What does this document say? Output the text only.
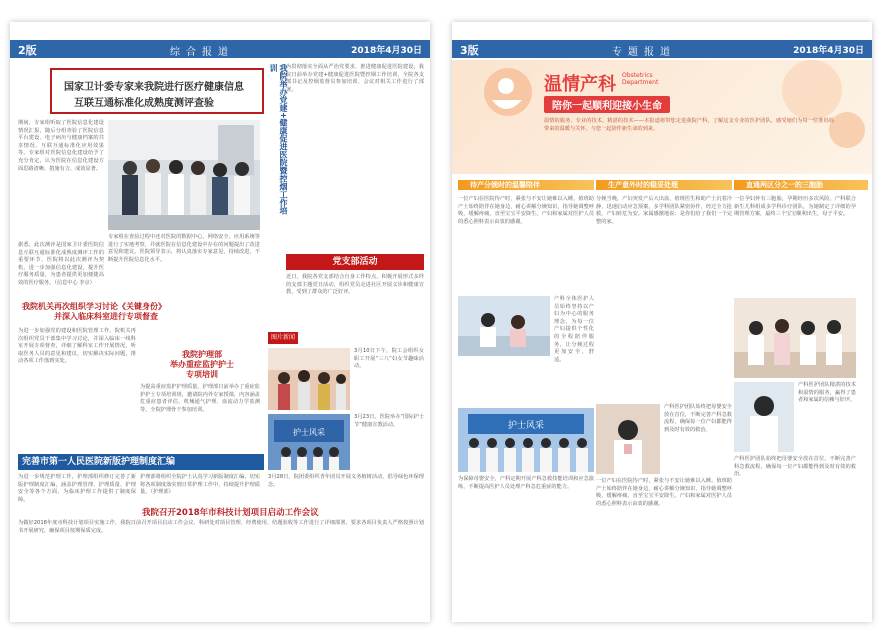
2版	综合报道	2018年4月30日
国家卫计委专家来我院进行医疗健康信息
互联互通标准化成熟度测评查验
期间，专家组听取了医院信息化建设情况汇报，随后分组查验了医院信息平台建设、电子病历与健康档案的共享情况、互联互通标准化应用效果等。专家组对医院信息化建设给予了充分肯定，认为医院在信息化建设方面思路清晰、措施有力、成效显著。
据悉，此次测评是国家卫计委医院信息互联互通标准化成熟度测评工作的重要环节，医院将以此次测评为契机，进一步加强信息化建设，提升医疗服务质量，为患者提供更加便捷高效的医疗服务。（信息中心 李京）
专家组在查验过程中还对医院的数据中心、网络安全、应用系统等进行了实地考察，并就医院在信息化建设中存在的问题提出了改进意见和建议。医院领导表示，将认真落实专家意见，持续改进，不断提升医院信息化水平。
我院举办党建+健康促进医院暨控烟工作培训	为贯彻落实全面从严治党要求，推进健康促进医院建设，我院日前举办党建+健康促进医院暨控烟工作培训，全院各支部书记及控烟监督员参加培训，会议对相关工作进行了部署。
我院机关再次组织学习讨论《关键身份》
并深入临床科室进行专项督查
为进一步加强党的建设和医院管理工作，院机关再次组织党员干部集中学习讨论，并深入临床一线科室开展专项督查，详细了解科室工作开展情况，听取医务人员的意见和建议，切实解决实际问题，推动各项工作落到实处。
我院护理部
举办重症监护护士
专项培训
为提高重症监护护理质量，护理部日前举办了重症监护护士专项培训班，邀请院内外专家授课，内容涵盖危重症患者评估、机械通气护理、血流动力学监测等，全院护理骨干参加培训。
党支部活动
近日，我院各党支部结合自身工作特点，积极开展形式多样的支部主题党日活动，组织党员走进社区开展义诊和健康宣教，受到了群众的广泛好评。
图片新闻
3月10日下午，院工会组织女职工开展“三八”妇女节趣味活动。
护士风采
3月23日，医院举办“国际护士节”健康宣教活动。
3月28日，院团委组织青年团员开展义务植树活动，倡导绿色环保理念。
完善市第一人民医院新版护理制度汇编
为进一步规范护理工作，护理部组织修订完善了新版护理制度汇编，涵盖护理管理、护理质量、护理安全等各个方面，为临床护理工作提供了制度保障。
护理部将组织全院护士认真学习新版制度汇编，切实将各项制度落实到日常护理工作中，持续提升护理质量。（护理部）
我院召开2018年市科技计划项目启动工作会议
为做好2018年度市科技计划项目实施工作，我院日前召开项目启动工作会议，科研处对项目管理、经费使用、结题验收等工作进行了详细部署，要求各项目负责人严格按照计划书开展研究，确保项目按期保质完成。
3版	专题报道	2018年4月30日
温情产科 Obstetrics
Department
陪你一起顺利迎接小生命
温情的服务、专业的技术、精湛的技术——本报道将带您走进我院产科，了解这支专业的医护团队，感受她们为每一位准妈妈带来的温暖与关怀，与您一起陪伴新生命的到来。
待产分娩时的温馨陪伴	生产意外时的稳妥处理	直通两区分之一的三胞胎
一位产妇在医院待产时，紧张与不安让她难以入睡。值班助产士始终陪伴在她身边，耐心讲解分娩知识，指导她调整呼吸，缓解疼痛，直至宝宝平安降生。产妇和家属对医护人员的悉心照料表示由衷的感谢。
产科全体医护人员始终坚持以产妇为中心的服务理念，为每一位产妇提供个性化的全程陪伴服务，让分娩过程更加安全、舒适。
护士风采
为保障母婴安全，产科定期开展产科急救技能培训和应急演练，不断提高医护人员处理产科急危重症的能力。
分娩当晚，产妇突发产后大出血，值班医生和助产士沉着冷静，迅速启动应急预案，多学科团队紧密协作，经过全力抢救，产妇转危为安。家属感激地说：是你们给了我们一个完整的家。
产科医护团队始终把母婴安全放在首位，不断完善产科急救流程，确保每一位产妇都能得到及时有效的救治。
一位产妇在医院待产时，紧张与不安让她难以入睡。值班助产士始终陪伴在她身边，耐心讲解分娩知识，指导她调整呼吸，缓解疼痛，直至宝宝平安降生。产妇和家属对医护人员的悉心照料表示由衷的感谢。
一位孕妇怀有三胞胎，孕期经历多次风险。产科联合新生儿科组成多学科诊疗团队，为她制定了详细的孕期管理方案，最终三个宝宝顺利出生，母子平安。
产科医护团队精湛的技术和温情的服务，赢得了患者和家属的信赖与好评。
产科医护团队始终把母婴安全放在首位，不断完善产科急救流程，确保每一位产妇都能得到及时有效的救治。
